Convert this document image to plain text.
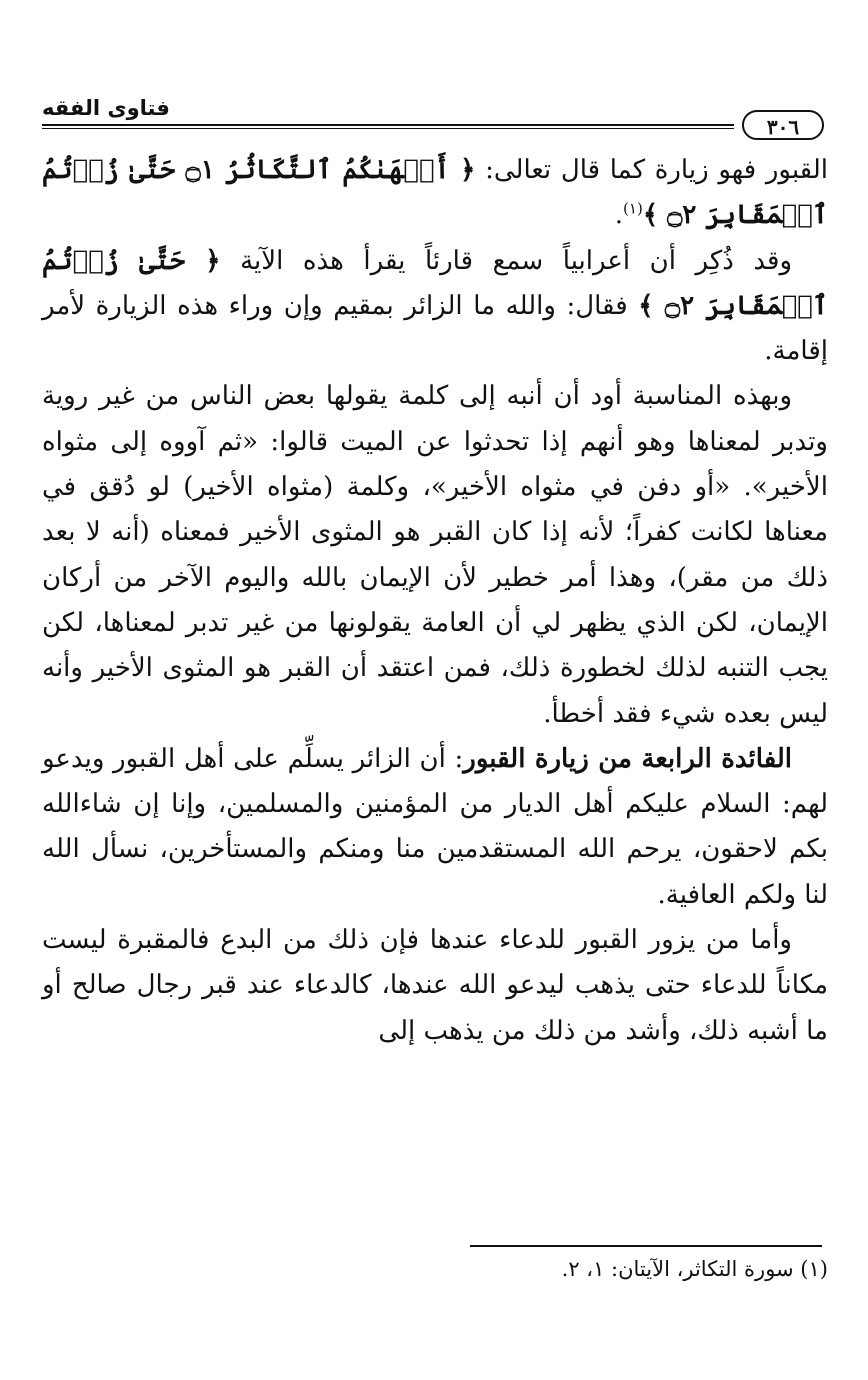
فتاوى الفقه
٣٠٦

القبور فهو زيارة كما قال تعالى: ﴿ أَلۡهَىٰكُمُ ٱلتَّكَاثُرُ ۝١ حَتَّىٰ زُرۡتُمُ ٱلۡمَقَابِرَ ۝٢ ﴾$^{(١)}$.

وقد ذُكِر أن أعرابياً سمع قارئاً يقرأ هذه الآية ﴿ حَتَّىٰ زُرۡتُمُ ٱلۡمَقَابِرَ ۝٢ ﴾ فقال: والله ما الزائر بمقيم وإن وراء هذه الزيارة لأمر إقامة.

وبهذه المناسبة أود أن أنبه إلى كلمة يقولها بعض الناس من غير روية وتدبر لمعناها وهو أنهم إذا تحدثوا عن الميت قالوا: «ثم آووه إلى مثواه الأخير». «أو دفن في مثواه الأخير»، وكلمة (مثواه الأخير) لو دُقق في معناها لكانت كفراً؛ لأنه إذا كان القبر هو المثوى الأخير فمعناه (أنه لا بعد ذلك من مقر)، وهذا أمر خطير لأن الإيمان بالله واليوم الآخر من أركان الإيمان، لكن الذي يظهر لي أن العامة يقولونها من غير تدبر لمعناها، لكن يجب التنبه لذلك لخطورة ذلك، فمن اعتقد أن القبر هو المثوى الأخير وأنه ليس بعده شيء فقد أخطأ.

الفائدة الرابعة من زيارة القبور: أن الزائر يسلِّم على أهل القبور ويدعو لهم: السلام عليكم أهل الديار من المؤمنين والمسلمين، وإنا إن شاءالله بكم لاحقون، يرحم الله المستقدمين منا ومنكم والمستأخرين، نسأل الله لنا ولكم العافية.

وأما من يزور القبور للدعاء عندها فإن ذلك من البدع فالمقبرة ليست مكاناً للدعاء حتى يذهب ليدعو الله عندها، كالدعاء عند قبر رجال صالح أو ما أشبه ذلك، وأشد من ذلك من يذهب إلى

(١) سورة التكاثر، الآيتان: ١، ٢.
